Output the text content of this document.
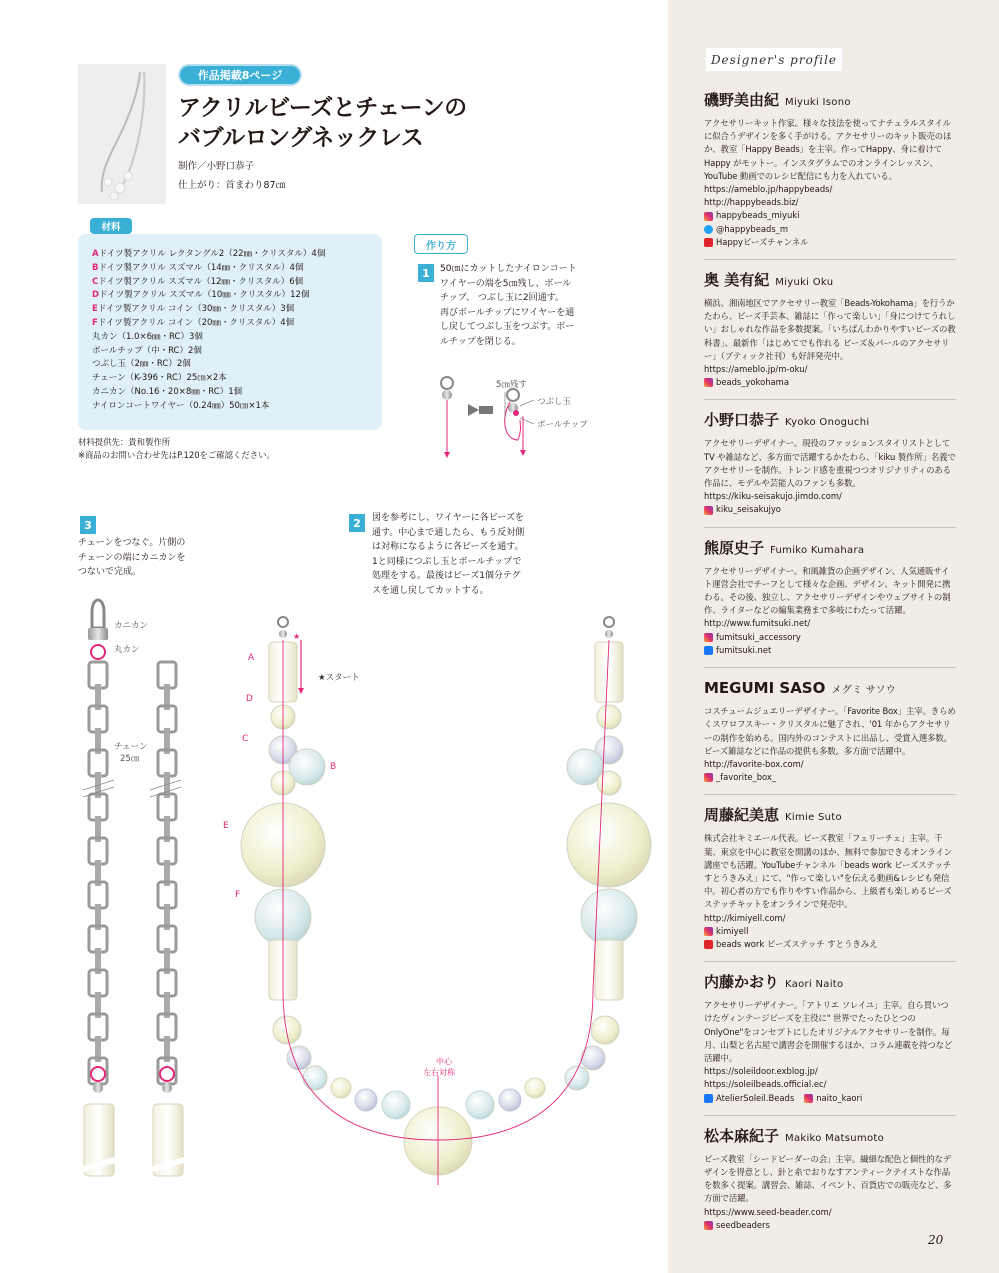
作品掲載8ページ
アクリルビーズとチェーンの
バブルロングネックレス
制作／小野口恭子
仕上がり：首まわり87㎝
Aドイツ製アクリル レクタングル2（22㎜・クリスタル）4個
Bドイツ製アクリル スズマル（14㎜・クリスタル）4個
Cドイツ製アクリル スズマル（12㎜・クリスタル）6個
Dドイツ製アクリル スズマル（10㎜・クリスタル）12個
Eドイツ製アクリル コイン（30㎜・クリスタル）3個
Fドイツ製アクリル コイン（20㎜・クリスタル）4個
丸カン（1.0×6㎜・RC）3個
ボールチップ（中・RC）2個
つぶし玉（2㎜・RC）2個
チェーン（K-396・RC）25㎝×2本
カニカン（No.16・20×8㎜・RC）1個
ナイロンコートワイヤー（0.24㎜）50㎝×1本
材料
材料提供先：貴和製作所
※商品のお問い合わせ先はP.120をご確認ください。
作り方
1	50㎝にカットしたナイロンコート
ワイヤーの端を5㎝残し、ボール
チップ、 つぶし玉に2回通す。
再びボールチップにワイヤーを通
し戻してつぶし玉をつぶす。ボー
ルチップを閉じる。
2	図を参考にし、ワイヤーに各ビーズを
通す。中心まで通したら、もう反対側
は対称になるように各ビーズを通す。
1と同様につぶし玉とボールチップで
処理をする。最後はビーズ1個分テグ
スを通し戻してカットする。
3
チェーンをつなぐ。片側の
チェーンの端にカニカンを
つないで完成。
5㎝残す
つぶし玉
ボールチップ
カニカン
丸カン
チェーン
25㎝
★
★スタート
中心
左右対称
A
D
C
B
E
F
Designer's profile
磯野美由紀 Miyuki Isono
アクセサリーキット作家。様々な技法を使ってナチュラルスタイルに似合うデザインを多く手がける。アクセサリーのキット販売のほか、教室「Happy Beads」を主宰。作ってHappy、身に着けてHappy がモットー。インスタグラムでのオンラインレッスン、YouTube 動画でのレシピ配信にも力を入れている。
https://ameblo.jp/happybeads/
http://happybeads.biz/
happybeads_miyuki
@happybeads_m
Happyビーズチャンネル
奥 美有紀 Miyuki Oku
横浜、湘南地区でアクセサリー教室「Beads-Yokohama」を行うかたわら、ビーズ手芸本、雑誌に「作って楽しい」「身につけてうれしい」おしゃれな作品を多数提案。「いちばんわかりやすいビーズの教科書」、最新作「はじめてでも作れる ビーズ＆パールのアクセサリー」（ブティック社刊）も好評発売中。
https://ameblo.jp/m-oku/
beads_yokohama
小野口恭子 Kyoko Onoguchi
アクセサリーデザイナー。現役のファッションスタイリストとしてTV や雑誌など、多方面で活躍するかたわら、「kiku 製作所」名義でアクセサリーを制作。トレンド感を重視つつオリジナリティのある作品に、モデルや芸能人のファンも多数。
https://kiku-seisakujo.jimdo.com/
kiku_seisakujyo
熊原史子 Fumiko Kumahara
アクセサリーデザイナー。和風雑貨の企画デザイン、人気通販サイト運営会社でチーフとして様々な企画、デザイン、キット開発に携わる。その後、独立し、アクセサリーデザインやウェブサイトの制作、ライターなどの編集業務まで多岐にわたって活躍。
http://www.fumitsuki.net/
fumitsuki_accessory
fumitsuki.net
MEGUMI SASO メグミ サソウ
コスチュームジュエリーデザイナー。「Favorite Box」主宰。きらめくスワロフスキー・クリスタルに魅了され、'01 年からアクセサリーの制作を始める。国内外のコンテストに出品し、受賞入選多数。ビーズ雑誌などに作品の提供も多数。多方面で活躍中。
http://favorite-box.com/
_favorite_box_
周藤紀美恵 Kimie Suto
株式会社キミエール代表。ビーズ教室「フェリーチェ」主宰。千葉、東京を中心に教室を開講のほか、無料で参加できるオンライン講座でも活躍。YouTubeチャンネル「beads work ビーズステッチ すとうきみえ」にて、"作って楽しい"を伝える動画&レシピも発信中。初心者の方でも作りやすい作品から、上級者も楽しめるビーズステッチキットをオンラインで発売中。
http://kimiyell.com/
kimiyell
beads work ビーズステッチ すとうきみえ
内藤かおり Kaori Naito
アクセサリーデザイナー。「アトリエ ソレイユ」主宰。自ら買いつけたヴィンテージビーズを主役に" 世界でたったひとつのOnlyOne"をコンセプトにしたオリジナルアクセサリーを制作。毎月、山梨と名古屋で講習会を開催するほか、コラム連載を持つなど活躍中。
https://soleildoor.exblog.jp/
https://soleilbeads.official.ec/
AtelierSoleil.Beads	naito_kaori
松本麻紀子 Makiko Matsumoto
ビーズ教室「シードビーダーの会」主宰。繊細な配色と個性的なデザインを得意とし、針と糸でおりなすアンティークテイストな作品を数多く提案。講習会、雑誌、イベント、百貨店での販売など、多方面で活躍。
https://www.seed-beader.com/
seedbeaders
20
